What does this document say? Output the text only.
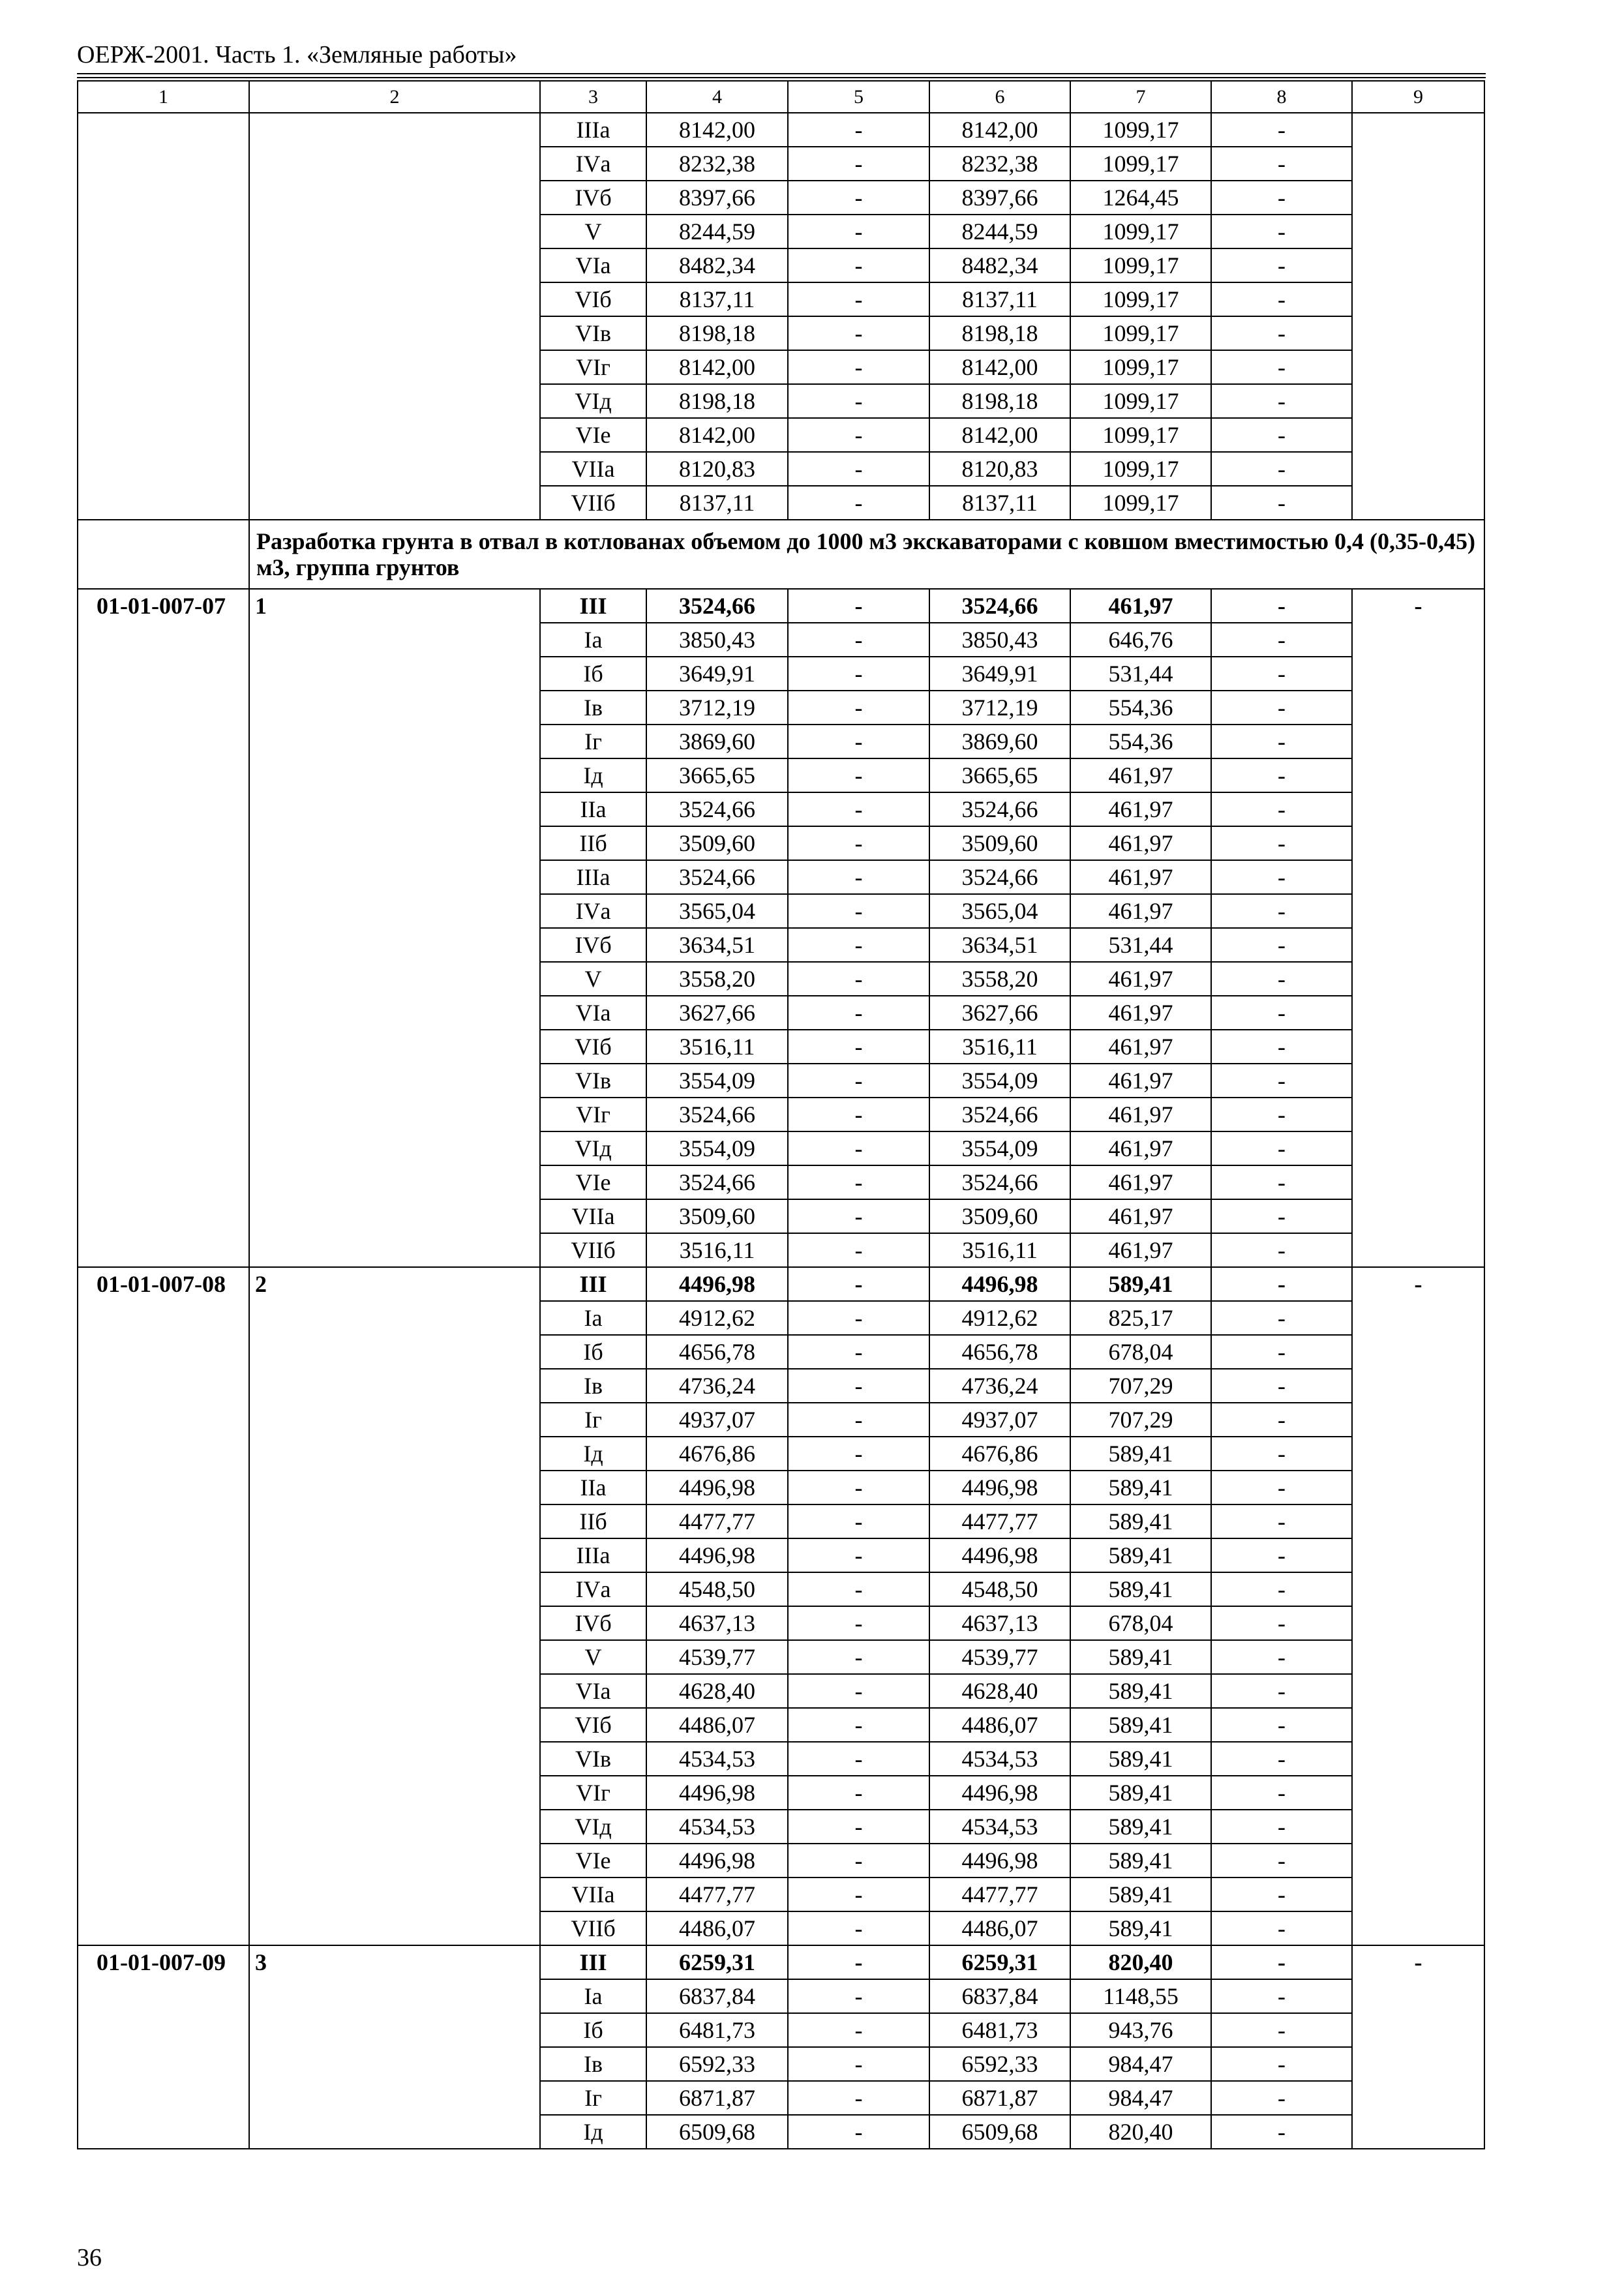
ОЕРЖ-2001. Часть 1. «Земляные работы»
1	2	3	4	5	6	7	8	9
		IIIа	8142,00	-	8142,00	1099,17	-	
		IVа	8232,38	-	8232,38	1099,17	-	
		IVб	8397,66	-	8397,66	1264,45	-	
		V	8244,59	-	8244,59	1099,17	-	
		VIа	8482,34	-	8482,34	1099,17	-	
		VIб	8137,11	-	8137,11	1099,17	-	
		VIв	8198,18	-	8198,18	1099,17	-	
		VIг	8142,00	-	8142,00	1099,17	-	
		VIд	8198,18	-	8198,18	1099,17	-	
		VIе	8142,00	-	8142,00	1099,17	-	
		VIIа	8120,83	-	8120,83	1099,17	-	
		VIIб	8137,11	-	8137,11	1099,17	-	
	Разработка грунта в отвал в котлованах объемом до 1000 м3 экскаваторами с ковшом вместимостью 0,4 (0,35-0,45) м3, группа грунтов							
01-01-007-07	1	III	3524,66	-	3524,66	461,97	-	-
		Iа	3850,43	-	3850,43	646,76	-	
		Iб	3649,91	-	3649,91	531,44	-	
		Iв	3712,19	-	3712,19	554,36	-	
		Iг	3869,60	-	3869,60	554,36	-	
		Iд	3665,65	-	3665,65	461,97	-	
		IIа	3524,66	-	3524,66	461,97	-	
		IIб	3509,60	-	3509,60	461,97	-	
		IIIа	3524,66	-	3524,66	461,97	-	
		IVа	3565,04	-	3565,04	461,97	-	
		IVб	3634,51	-	3634,51	531,44	-	
		V	3558,20	-	3558,20	461,97	-	
		VIа	3627,66	-	3627,66	461,97	-	
		VIб	3516,11	-	3516,11	461,97	-	
		VIв	3554,09	-	3554,09	461,97	-	
		VIг	3524,66	-	3524,66	461,97	-	
		VIд	3554,09	-	3554,09	461,97	-	
		VIе	3524,66	-	3524,66	461,97	-	
		VIIа	3509,60	-	3509,60	461,97	-	
		VIIб	3516,11	-	3516,11	461,97	-	
01-01-007-08	2	III	4496,98	-	4496,98	589,41	-	-
		Iа	4912,62	-	4912,62	825,17	-	
		Iб	4656,78	-	4656,78	678,04	-	
		Iв	4736,24	-	4736,24	707,29	-	
		Iг	4937,07	-	4937,07	707,29	-	
		Iд	4676,86	-	4676,86	589,41	-	
		IIа	4496,98	-	4496,98	589,41	-	
		IIб	4477,77	-	4477,77	589,41	-	
		IIIа	4496,98	-	4496,98	589,41	-	
		IVа	4548,50	-	4548,50	589,41	-	
		IVб	4637,13	-	4637,13	678,04	-	
		V	4539,77	-	4539,77	589,41	-	
		VIа	4628,40	-	4628,40	589,41	-	
		VIб	4486,07	-	4486,07	589,41	-	
		VIв	4534,53	-	4534,53	589,41	-	
		VIг	4496,98	-	4496,98	589,41	-	
		VIд	4534,53	-	4534,53	589,41	-	
		VIе	4496,98	-	4496,98	589,41	-	
		VIIа	4477,77	-	4477,77	589,41	-	
		VIIб	4486,07	-	4486,07	589,41	-	
01-01-007-09	3	III	6259,31	-	6259,31	820,40	-	-
		Iа	6837,84	-	6837,84	1148,55	-	
		Iб	6481,73	-	6481,73	943,76	-	
		Iв	6592,33	-	6592,33	984,47	-	
		Iг	6871,87	-	6871,87	984,47	-	
		Iд	6509,68	-	6509,68	820,40	-	
36
